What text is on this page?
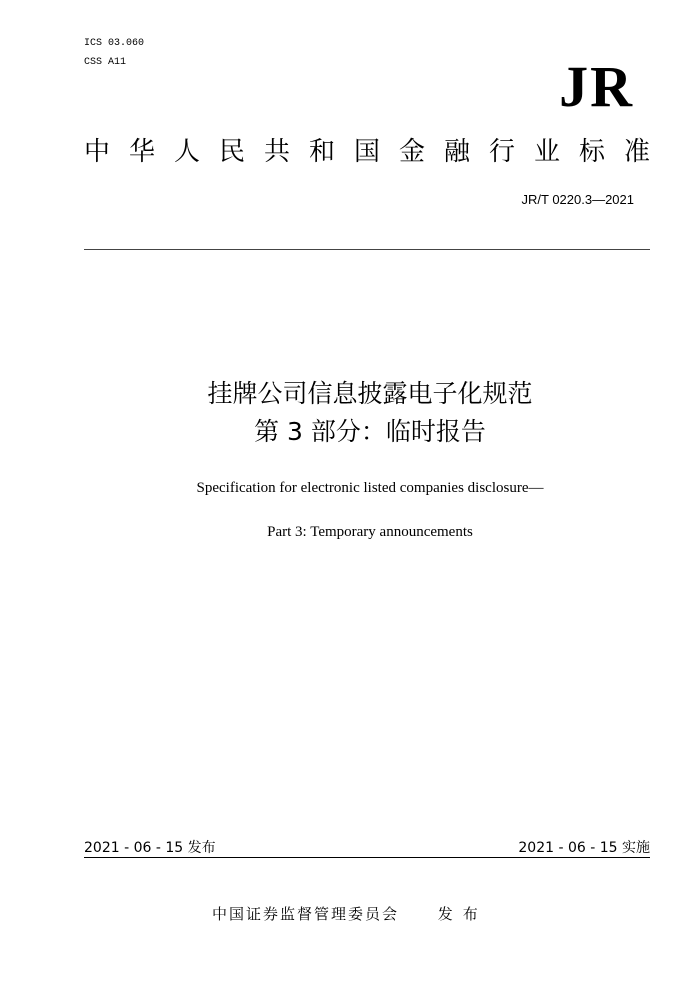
ICS 03.060
CSS A11	JR
中华人民共和国金融行业标准
JR/T 0220.3—2021
挂牌公司信息披露电子化规范
第 3 部分：临时报告
Specification for electronic listed companies disclosure—
Part 3: Temporary announcements
2021 - 06 - 15 发布	2021 - 06 - 15 实施
中国证券监督管理委员会	发布
